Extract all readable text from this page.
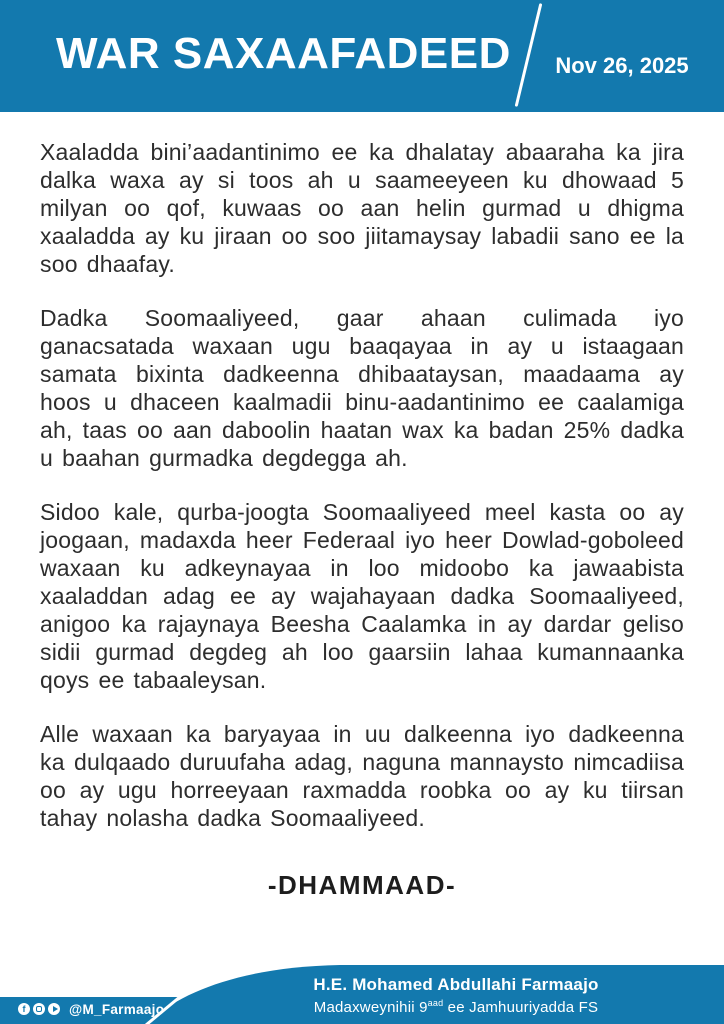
WAR SAXAAFADEED	Nov 26, 2025

Xaaladda bini’aadantinimo ee ka dhalatay abaaraha ka jira dalka waxa ay si toos ah u saameeyeen ku dhowaad 5 milyan oo qof, kuwaas oo aan helin gurmad u dhigma xaaladda ay ku jiraan oo soo jiitamaysay labadii sano ee la soo dhaafay.

Dadka Soomaaliyeed, gaar ahaan culimada iyo ganacsatada waxaan ugu baaqayaa in ay u istaagaan samata bixinta dadkeenna dhibaataysan, maadaama ay hoos u dhaceen kaalmadii binu-aadantinimo ee caalamiga ah, taas oo aan daboolin haatan wax ka badan 25% dadka u baahan gurmadka degdegga ah.

Sidoo kale, qurba-joogta Soomaaliyeed meel kasta oo ay joogaan, madaxda heer Federaal iyo heer Dowlad-goboleed waxaan ku adkeynayaa in loo midoobo ka jawaabista xaaladdan adag ee ay wajahayaan dadka Soomaaliyeed, anigoo ka rajaynaya Beesha Caalamka in ay dardar geliso sidii gurmad degdeg ah loo gaarsiin lahaa kumannaanka qoys ee tabaaleysan.

Alle waxaan ka baryayaa in uu dalkeenna iyo dadkeenna ka dulqaado duruufaha adag, naguna mannaysto nimcadiisa oo ay ugu horreeyaan raxmadda roobka oo ay ku tiirsan tahay nolasha dadka Soomaaliyeed.

-DHAMMAAD-
f	@M_Farmaajo
H.E. Mohamed Abdullahi Farmaajo
Madaxweynihii $9^{aad}$ ee Jamhuuriyadda FS
